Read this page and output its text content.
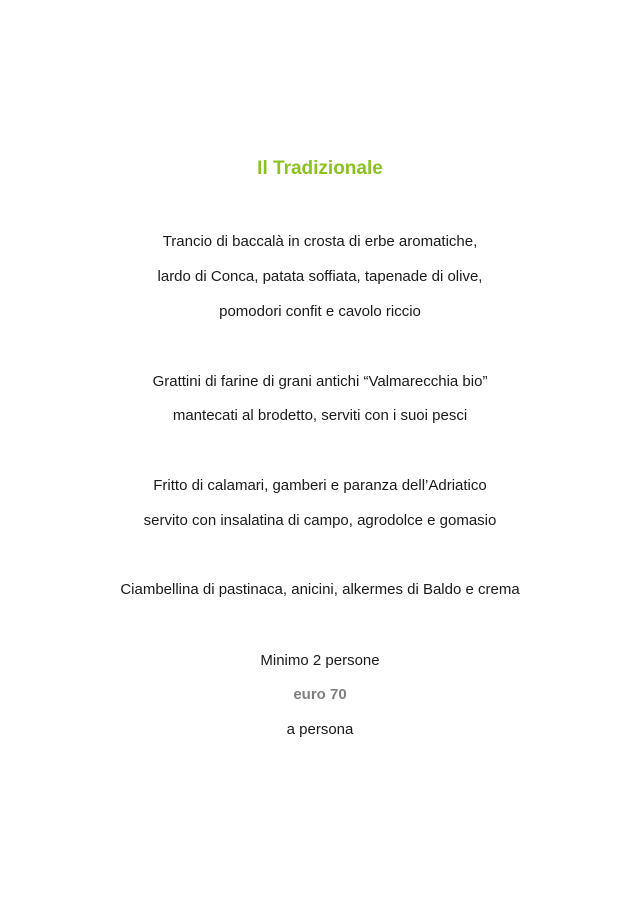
Il Tradizionale
Trancio di baccalà in crosta di erbe aromatiche,
lardo di Conca, patata soffiata, tapenade di olive,
pomodori confit e cavolo riccio
Grattini di farine di grani antichi “Valmarecchia bio”
mantecati al brodetto, serviti con i suoi pesci
Fritto di calamari, gamberi e paranza dell’Adriatico
servito con insalatina di campo, agrodolce e gomasio
Ciambellina di pastinaca, anicini, alkermes di Baldo e crema
Minimo 2 persone
euro 70
a persona
